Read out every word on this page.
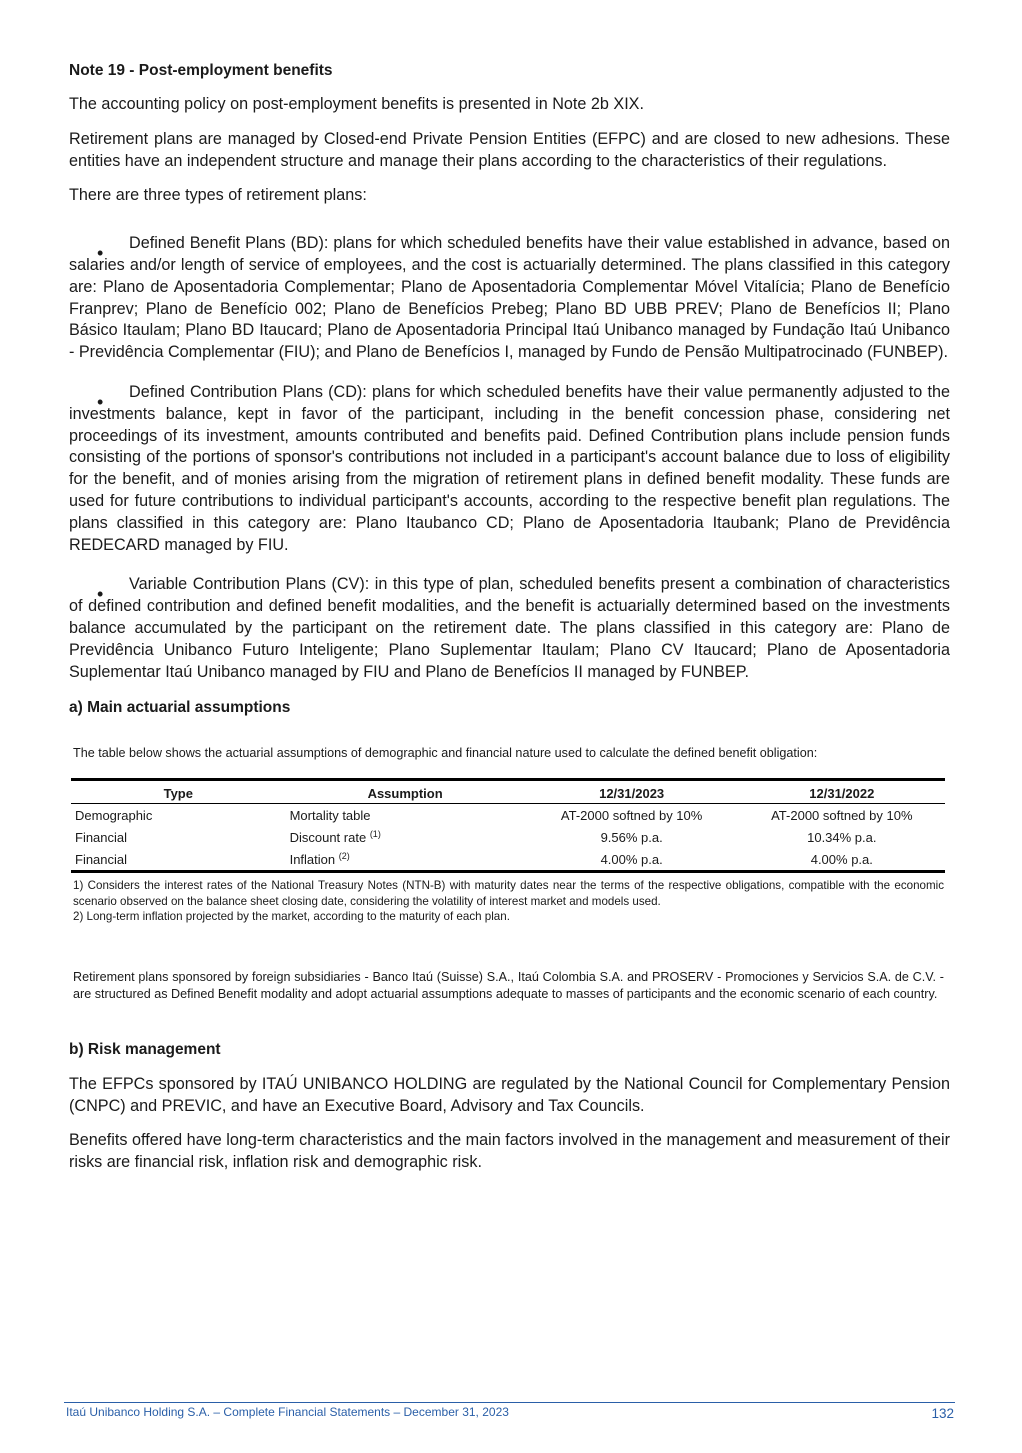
Note 19 - Post-employment benefits

The accounting policy on post-employment benefits is presented in Note 2b XIX.

Retirement plans are managed by Closed-end Private Pension Entities (EFPC) and are closed to new adhesions. These entities have an independent structure and manage their plans according to the characteristics of their regulations.

There are three types of retirement plans:

Defined Benefit Plans (BD): plans for which scheduled benefits have their value established in advance, based on salaries and/or length of service of employees, and the cost is actuarially determined. The plans classified in this category are: Plano de Aposentadoria Complementar; Plano de Aposentadoria Complementar Móvel Vitalícia; Plano de Benefício Franprev; Plano de Benefício 002; Plano de Benefícios Prebeg; Plano BD UBB PREV; Plano de Benefícios II; Plano Básico Itaulam; Plano BD Itaucard; Plano de Aposentadoria Principal Itaú Unibanco managed by Fundação Itaú Unibanco - Previdência Complementar (FIU); and Plano de Benefícios I, managed by Fundo de Pensão Multipatrocinado (FUNBEP).
Defined Contribution Plans (CD): plans for which scheduled benefits have their value permanently adjusted to the investments balance, kept in favor of the participant, including in the benefit concession phase, considering net proceedings of its investment, amounts contributed and benefits paid. Defined Contribution plans include pension funds consisting of the portions of sponsor's contributions not included in a participant's account balance due to loss of eligibility for the benefit, and of monies arising from the migration of retirement plans in defined benefit modality. These funds are used for future contributions to individual participant's accounts, according to the respective benefit plan regulations. The plans classified in this category are: Plano Itaubanco CD; Plano de Aposentadoria Itaubank; Plano de Previdência REDECARD managed by FIU.
Variable Contribution Plans (CV): in this type of plan, scheduled benefits present a combination of characteristics of defined contribution and defined benefit modalities, and the benefit is actuarially determined based on the investments balance accumulated by the participant on the retirement date. The plans classified in this category are: Plano de Previdência Unibanco Futuro Inteligente; Plano Suplementar Itaulam; Plano CV Itaucard; Plano de Aposentadoria Suplementar Itaú Unibanco managed by FIU and Plano de Benefícios II managed by FUNBEP.
a) Main actuarial assumptions

The table below shows the actuarial assumptions of demographic and financial nature used to calculate the defined benefit obligation:

Type	Assumption	12/31/2023	12/31/2022
Demographic	Mortality table	AT-2000 softned by 10%	AT-2000 softned by 10%
Financial	Discount rate $^{(1)}$	9.56% p.a.	10.34% p.a.
Financial	Inflation $^{(2)}$	4.00% p.a.	4.00% p.a.
1) Considers the interest rates of the National Treasury Notes (NTN-B) with maturity dates near the terms of the respective obligations, compatible with the economic scenario observed on the balance sheet closing date, considering the volatility of interest market and models used.
2) Long-term inflation projected by the market, according to the maturity of each plan.

Retirement plans sponsored by foreign subsidiaries - Banco Itaú (Suisse) S.A., Itaú Colombia S.A. and PROSERV - Promociones y Servicios S.A. de C.V. - are structured as Defined Benefit modality and adopt actuarial assumptions adequate to masses of participants and the economic scenario of each country.

b) Risk management

The EFPCs sponsored by ITAÚ UNIBANCO HOLDING are regulated by the National Council for Complementary Pension (CNPC) and PREVIC, and have an Executive Board, Advisory and Tax Councils.

Benefits offered have long-term characteristics and the main factors involved in the management and measurement of their risks are financial risk, inflation risk and demographic risk.

Itaú Unibanco Holding S.A. – Complete Financial Statements – December 31, 2023	132
